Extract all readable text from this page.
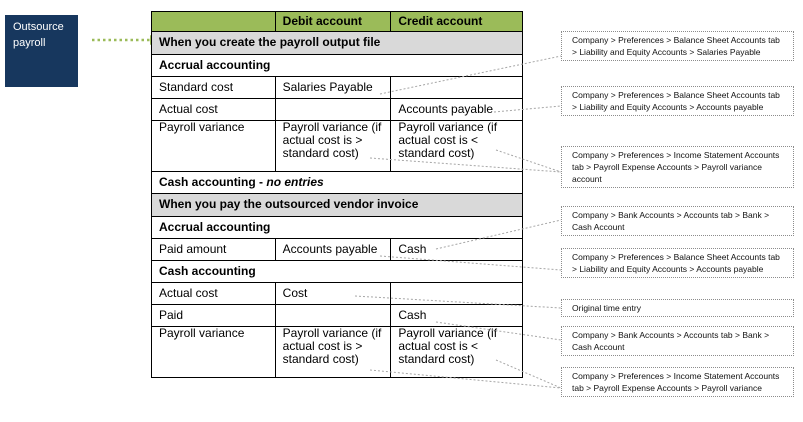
Outsource payroll
	Debit account	Credit account
When you create the payroll output file		
Accrual accounting		
Standard cost	Salaries Payable	
Actual cost		Accounts payable
Payroll variance	Payroll variance (if actual cost is > standard cost)	Payroll variance (if actual cost is < standard cost)
Cash accounting - no entries		
When you pay the outsourced vendor invoice		
Accrual accounting		
Paid amount	Accounts payable	Cash
Cash accounting		
Actual cost	Cost	
Paid		Cash
Payroll variance	Payroll variance (if actual cost is > standard cost)	Payroll variance (if actual cost is < standard cost)
Company > Preferences > Balance Sheet Accounts tab > Liability and Equity Accounts > Salaries Payable
Company > Preferences > Balance Sheet Accounts tab > Liability and Equity Accounts > Accounts payable
Company > Preferences > Income Statement Accounts tab > Payroll Expense Accounts > Payroll variance account
Company > Bank Accounts > Accounts tab > Bank > Cash Account
Company > Preferences > Balance Sheet Accounts tab > Liability and Equity Accounts > Accounts payable
Original time entry
Company > Bank Accounts > Accounts tab > Bank > Cash Account
Company > Preferences > Income Statement Accounts tab > Payroll Expense Accounts > Payroll variance
